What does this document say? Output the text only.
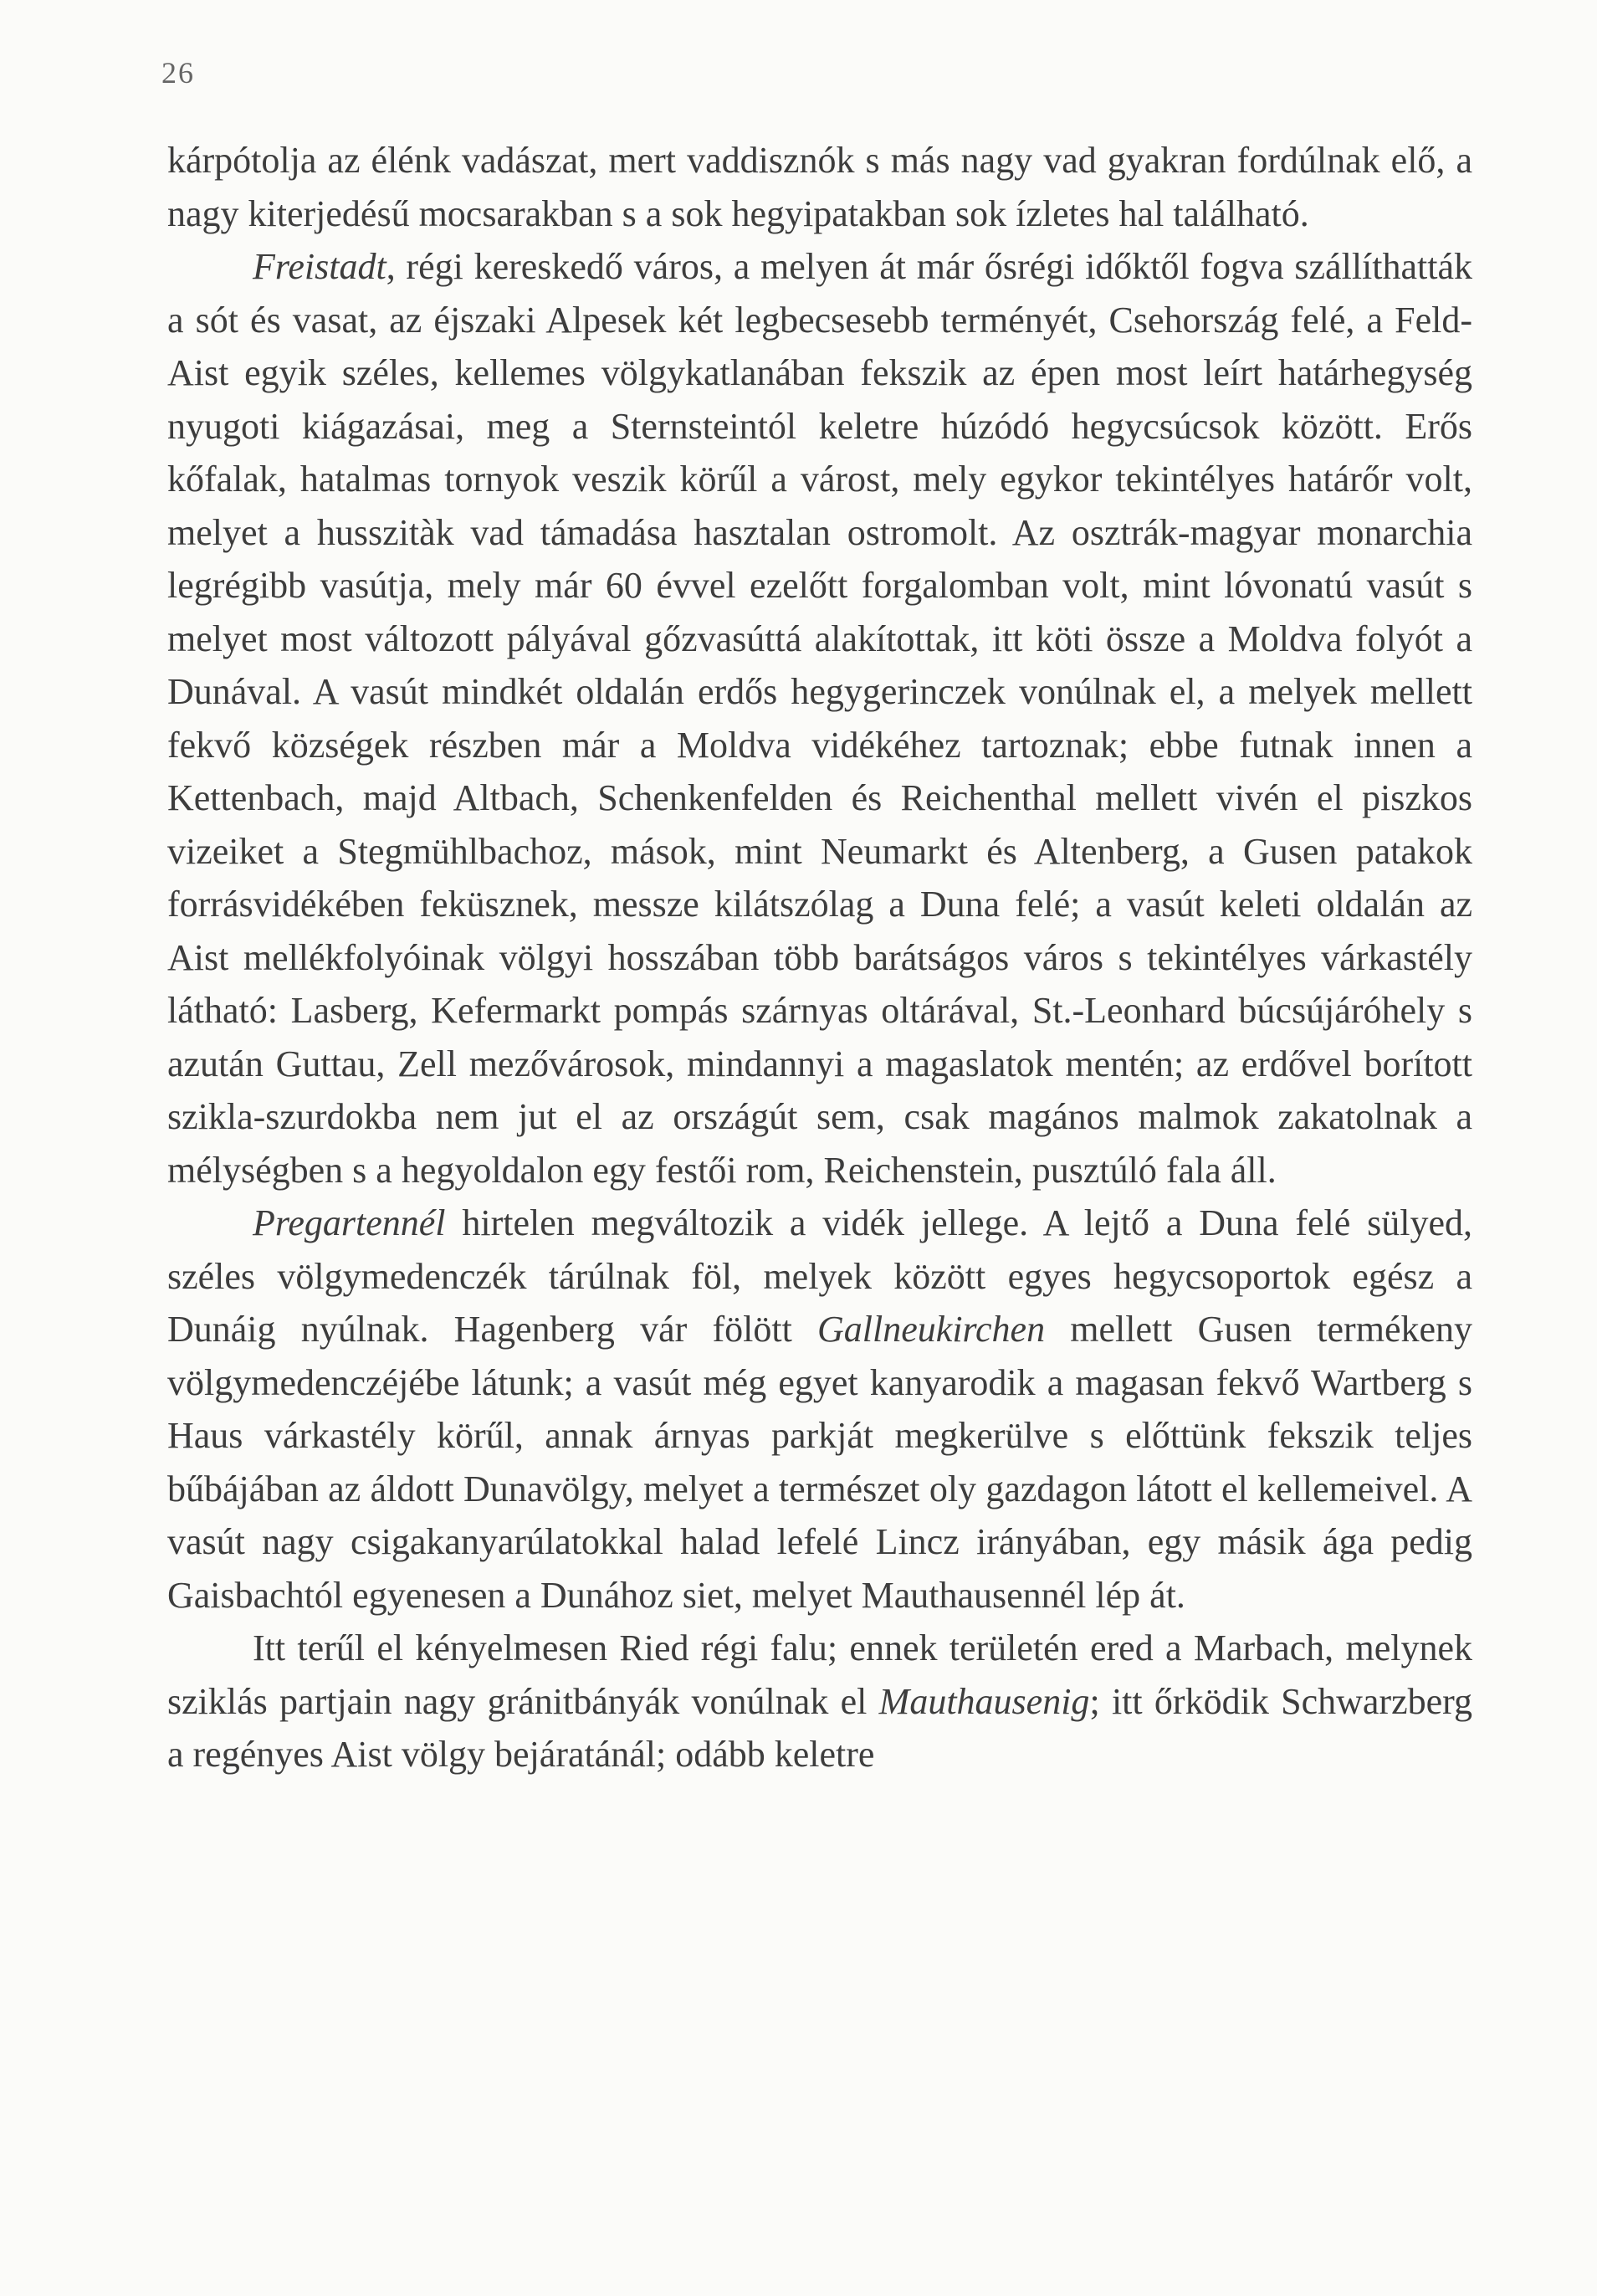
26

kárpótolja az élénk vadászat, mert vaddisznók s más nagy vad gyakran fordúlnak elő, a nagy kiterjedésű mocsarakban s a sok hegyipatakban sok ízletes hal található.

Freistadt, régi kereskedő város, a melyen át már ősrégi időktől fogva szállíthatták a sót és vasat, az éjszaki Alpesek két legbecsesebb terményét, Csehország felé, a Feld-Aist egyik széles, kellemes völgykatlanában fekszik az épen most leírt határhegység nyugoti kiágazásai, meg a Sternsteintól keletre húzódó hegycsúcsok között. Erős kőfalak, hatalmas tornyok veszik körűl a várost, mely egykor tekintélyes határőr volt, melyet a husszitàk vad támadása hasztalan ostromolt. Az osztrák-magyar monarchia legrégibb vasútja, mely már 60 évvel ezelőtt forgalomban volt, mint lóvonatú vasút s melyet most változott pályával gőzvasúttá alakítottak, itt köti össze a Moldva folyót a Dunával. A vasút mindkét oldalán erdős hegygerinczek vonúlnak el, a melyek mellett fekvő községek részben már a Moldva vidékéhez tartoznak; ebbe futnak innen a Kettenbach, majd Altbach, Schenkenfelden és Reichenthal mellett vivén el piszkos vizeiket a Stegmühlbachoz, mások, mint Neumarkt és Altenberg, a Gusen patakok forrásvidékében feküsznek, messze kilátszólag a Duna felé; a vasút keleti oldalán az Aist mellékfolyóinak völgyi hosszában több barátságos város s tekintélyes várkastély látható: Lasberg, Kefermarkt pompás szárnyas oltárával, St.-Leonhard búcsújáróhely s azután Guttau, Zell mezővárosok, mindannyi a magaslatok mentén; az erdővel borított szikla-szurdokba nem jut el az országút sem, csak magános malmok zakatolnak a mélységben s a hegyoldalon egy festői rom, Reichenstein, pusztúló fala áll.

Pregartennél hirtelen megváltozik a vidék jellege. A lejtő a Duna felé sülyed, széles völgymedenczék tárúlnak föl, melyek között egyes hegycsoportok egész a Dunáig nyúlnak. Hagenberg vár fölött Gallneukirchen mellett Gusen termékeny völgymedenczéjébe látunk; a vasút még egyet kanyarodik a magasan fekvő Wartberg s Haus várkastély körűl, annak árnyas parkját megkerülve s előttünk fekszik teljes bűbájában az áldott Dunavölgy, melyet a természet oly gazdagon látott el kellemeivel. A vasút nagy csigakanyarúlatokkal halad lefelé Lincz irányában, egy másik ága pedig Gaisbachtól egyenesen a Dunához siet, melyet Mauthausennél lép át.

Itt terűl el kényelmesen Ried régi falu; ennek területén ered a Marbach, melynek sziklás partjain nagy gránitbányák vonúlnak el Mauthausenig; itt őrködik Schwarzberg a regényes Aist völgy bejáratánál; odább keletre
